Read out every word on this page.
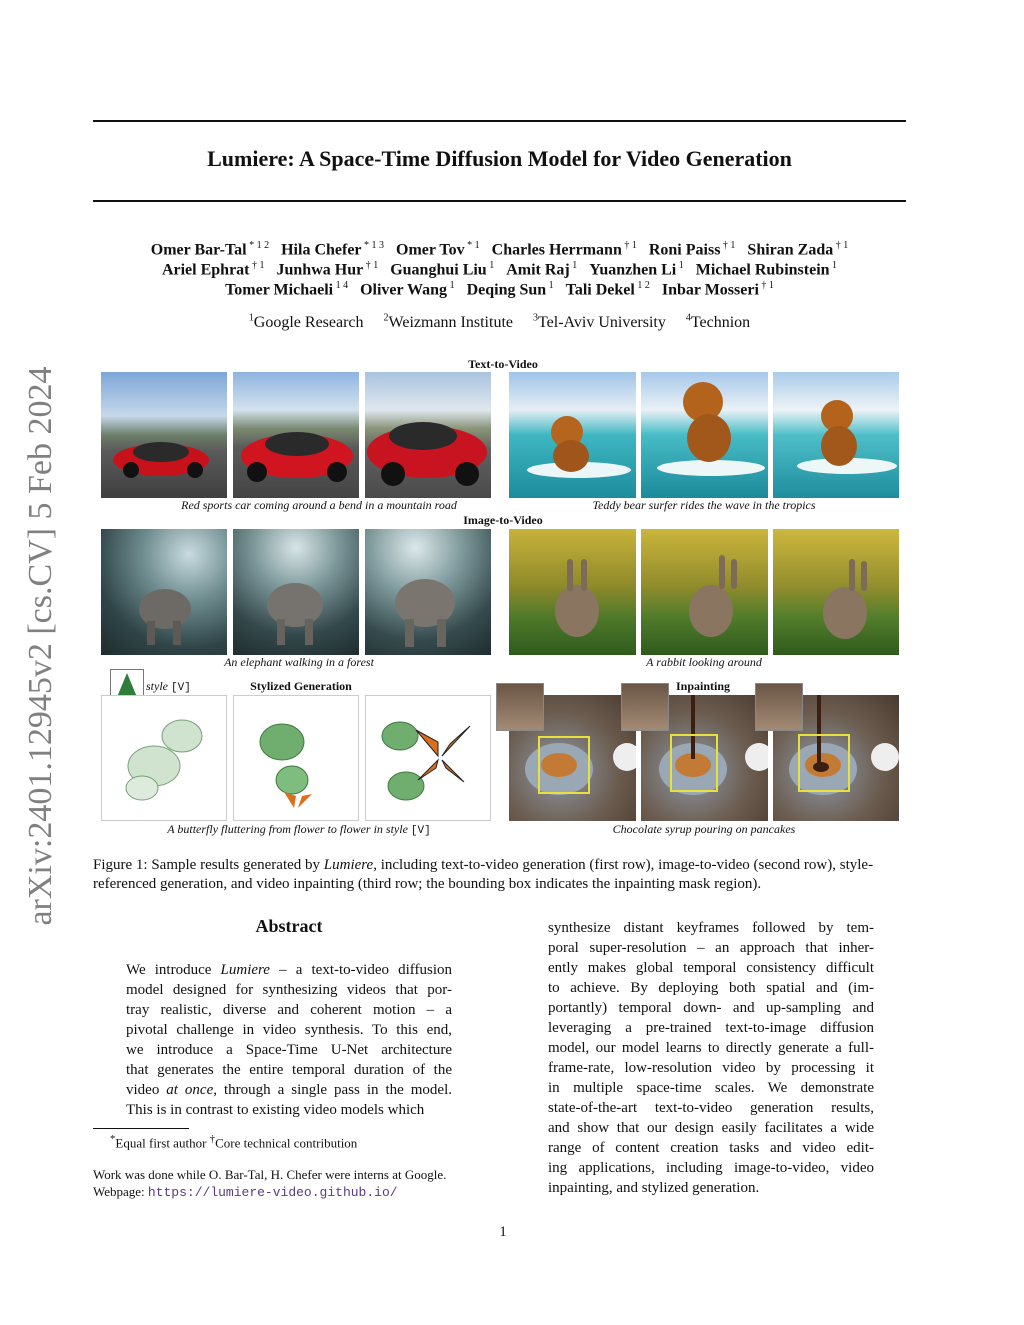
arXiv:2401.12945v2 [cs.CV] 5 Feb 2024
Lumiere: A Space-Time Diffusion Model for Video Generation
Omer Bar-Tal $^{* 1 2}$ Hila Chefer $^{* 1 3}$ Omer Tov $^{* 1}$ Charles Herrmann $^{\dagger 1}$ Roni Paiss $^{\dagger 1}$ Shiran Zada $^{\dagger 1}$
Ariel Ephrat $^{\dagger 1}$ Junhwa Hur $^{\dagger 1}$ Guanghui Liu $^1$ Amit Raj $^1$ Yuanzhen Li $^1$ Michael Rubinstein $^1$
Tomer Michaeli $^{1 4}$ Oliver Wang $^1$ Deqing Sun $^1$ Tali Dekel $^{1 2}$ Inbar Mosseri $^{\dagger 1}$
$^1$Google Research $^2$Weizmann Institute $^3$Tel-Aviv University $^4$Technion
Text-to-Video
Red sports car coming around a bend in a mountain road	Teddy bear surfer rides the wave in the tropics
Image-to-Video
An elephant walking in a forest	A rabbit looking around
style [V]	Stylized Generation	Inpainting
A butterfly fluttering from flower to flower in style [V]	Chocolate syrup pouring on pancakes
Figure 1: Sample results generated by Lumiere, including text-to-video generation (first row), image-to-video (second row), style-referenced generation, and video inpainting (third row; the bounding box indicates the inpainting mask region).
Abstract
We introduce Lumiere – a text-to-video diffusion
model designed for synthesizing videos that por-
tray realistic, diverse and coherent motion – a
pivotal challenge in video synthesis. To this end,
we introduce a Space-Time U-Net architecture
that generates the entire temporal duration of the
video at once, through a single pass in the model.
This is in contrast to existing video models which
synthesize distant keyframes followed by tem-
poral super-resolution – an approach that inher-
ently makes global temporal consistency difficult
to achieve. By deploying both spatial and (im-
portantly) temporal down- and up-sampling and
leveraging a pre-trained text-to-image diffusion
model, our model learns to directly generate a full-
frame-rate, low-resolution video by processing it
in multiple space-time scales. We demonstrate
state-of-the-art text-to-video generation results,
and show that our design easily facilitates a wide
range of content creation tasks and video edit-
ing applications, including image-to-video, video
inpainting, and stylized generation.
*Equal first author †Core technical contribution
Work was done while O. Bar-Tal, H. Chefer were interns at Google.
Webpage: https://lumiere-video.github.io/
1
